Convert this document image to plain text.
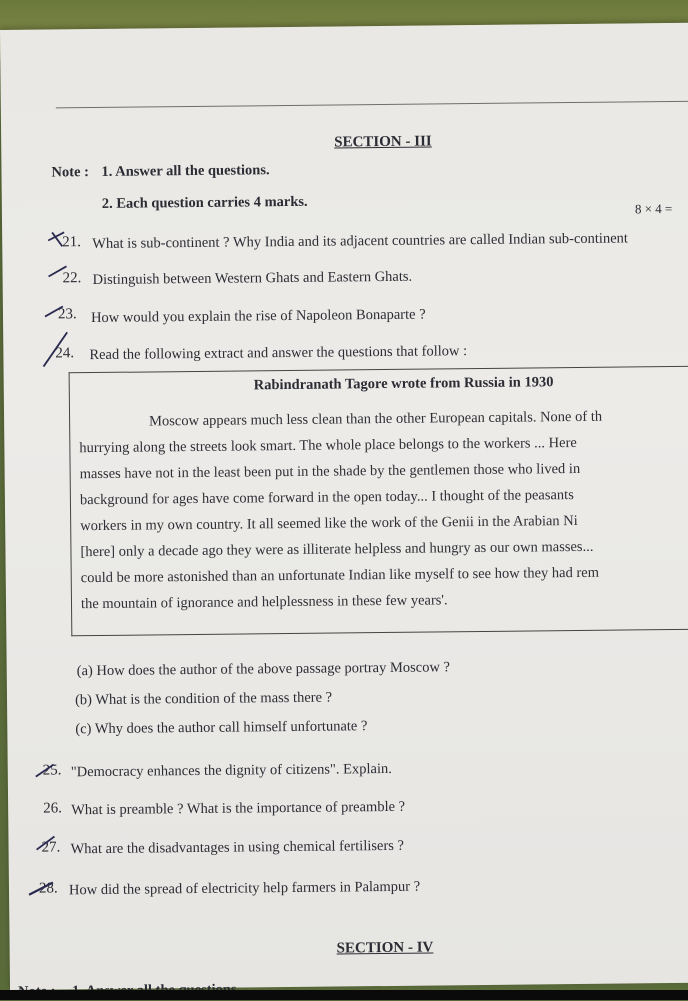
SECTION - III
Note : 1. Answer all the questions.
2. Each question carries 4 marks.	8 × 4 =
21. What is sub-continent ? Why India and its adjacent countries are called Indian sub-continent
22. Distinguish between Western Ghats and Eastern Ghats.
23. How would you explain the rise of Napoleon Bonaparte ?
24. Read the following extract and answer the questions that follow :
Rabindranath Tagore wrote from Russia in 1930
Moscow appears much less clean than the other European capitals. None of th
hurrying along the streets look smart. The whole place belongs to the workers ... Here
masses have not in the least been put in the shade by the gentlemen those who lived in
background for ages have come forward in the open today... I thought of the peasants
workers in my own country. It all seemed like the work of the Genii in the Arabian Ni
[here] only a decade ago they were as illiterate helpless and hungry as our own masses...
could be more astonished than an unfortunate Indian like myself to see how they had rem
the mountain of ignorance and helplessness in these few years'.
(a) How does the author of the above passage portray Moscow ?
(b) What is the condition of the mass there ?
(c) Why does the author call himself unfortunate ?
25. "Democracy enhances the dignity of citizens". Explain.
26. What is preamble ? What is the importance of preamble ?
27. What are the disadvantages in using chemical fertilisers ?
28. How did the spread of electricity help farmers in Palampur ?
SECTION - IV
